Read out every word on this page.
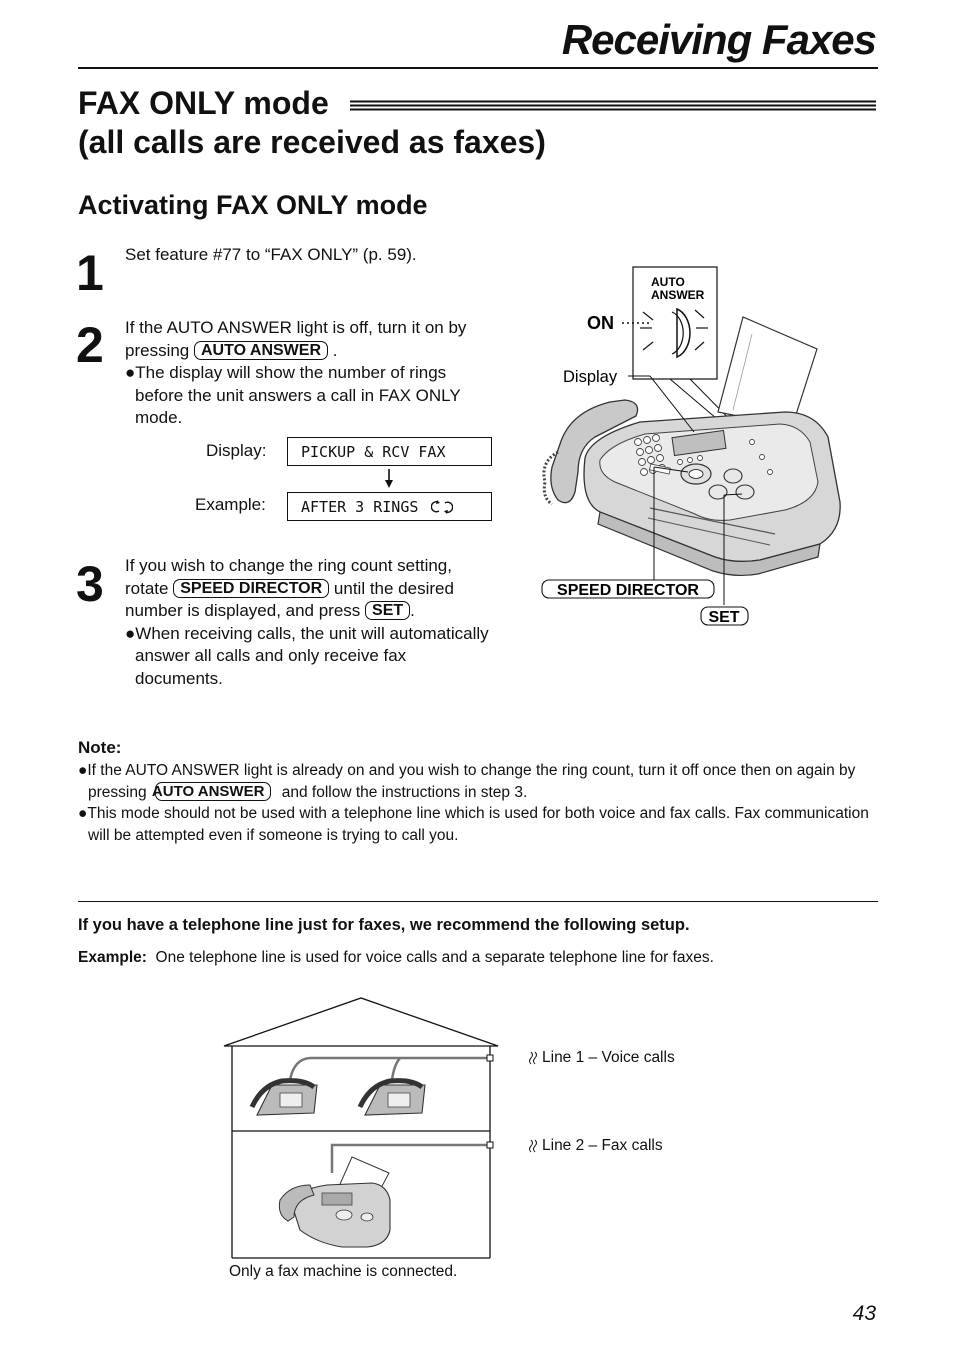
Receiving Faxes
FAX ONLY mode
(all calls are received as faxes)
Activating FAX ONLY mode
1 Set feature #77 to “FAX ONLY” (p. 59).
2 If the AUTO ANSWER light is off, turn it on by pressing AUTO ANSWER .
●The display will show the number of rings before the unit answers a call in FAX ONLY mode.
Display:	PICKUP & RCV FAX
Example:	AFTER 3 RINGS
3 If you wish to change the ring count setting, rotate SPEED DIRECTOR until the desired number is displayed, and press SET .
●When receiving calls, the unit will automatically answer all calls and only receive fax documents.
AUTO
ANSWER
ON
Display
SPEED DIRECTOR
SET
Note:
●If the AUTO ANSWER light is already on and you wish to change the ring count, turn it off once then on again by pressing AUTO ANSWER and follow the instructions in step 3.
●This mode should not be used with a telephone line which is used for both voice and fax calls. Fax communication will be attempted even if someone is trying to call you.
If you have a telephone line just for faxes, we recommend the following setup.
Example: One telephone line is used for voice calls and a separate telephone line for faxes.
Line 1 – Voice calls
Line 2 – Fax calls
Only a fax machine is connected.
43
